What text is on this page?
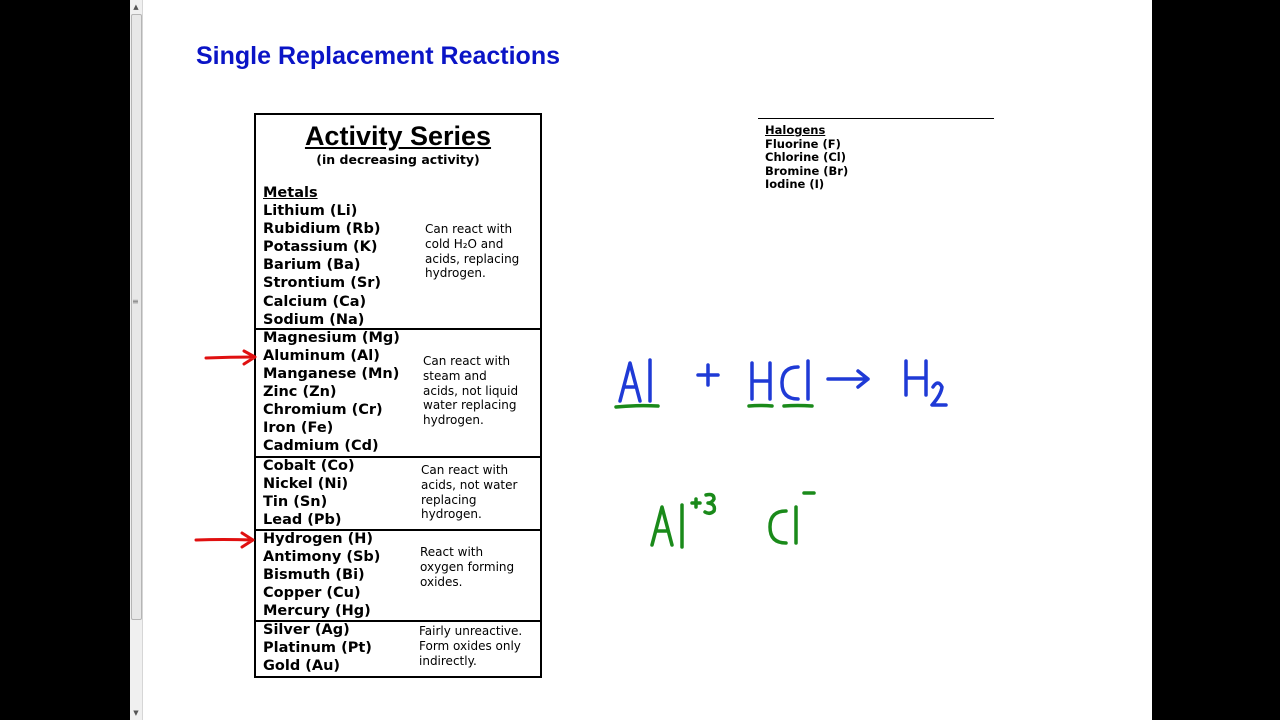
▲
≡
▼
Single Replacement Reactions
Activity Series
(in decreasing activity)
Metals
Lithium (Li)
Rubidium (Rb)
Potassium (K)
Barium (Ba)
Strontium (Sr)
Calcium (Ca)
Sodium (Na)
Can react with
cold H₂O and
acids, replacing
hydrogen.
Magnesium (Mg)
Aluminum (Al)
Manganese (Mn)
Zinc (Zn)
Chromium (Cr)
Iron (Fe)
Cadmium (Cd)
Can react with
steam and
acids, not liquid
water replacing
hydrogen.
Cobalt (Co)
Nickel (Ni)
Tin (Sn)
Lead (Pb)
Can react with
acids, not water
replacing
hydrogen.
Hydrogen (H)
Antimony (Sb)
Bismuth (Bi)
Copper (Cu)
Mercury (Hg)
React with
oxygen forming
oxides.
Silver (Ag)
Platinum (Pt)
Gold (Au)
Fairly unreactive.
Form oxides only
indirectly.
Halogens
Fluorine (F)
Chlorine (Cl)
Bromine (Br)
Iodine (I)
